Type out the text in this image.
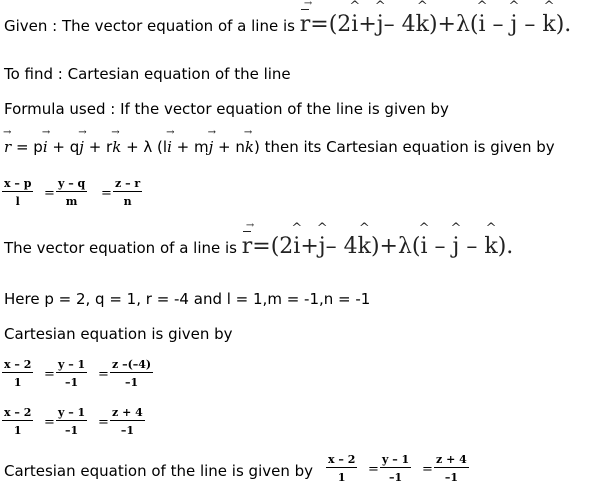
Given : The vector equation of a line is r →=(2i ^+j ^– 4k ^)+λ(i ^ – j ^ – k ^).
To find : Cartesian equation of the line
Formula used : If the vector equation of the line is given by
r → = pi → + qj → + rk → + λ (li → + mj → + nk →) then its Cartesian equation is given by
$\frac{x - p}{l} = \frac{y - q}{m} = \frac{z - r}{n}$
The vector equation of a line is r →=(2i ^+j ^– 4k ^)+λ(i ^ – j ^ – k ^).
Here p = 2, q = 1, r = -4 and l = 1,m = -1,n = -1
Cartesian equation is given by
$\frac{x - 2}{1} = \frac{y - 1}{-1} = \frac{z -(-4)}{-1}$
$\frac{x - 2}{1} = \frac{y - 1}{-1} = \frac{z + 4}{-1}$
Cartesian equation of the line is given by $\frac{x - 2}{1} = \frac{y - 1}{-1} = \frac{z + 4}{-1}$
